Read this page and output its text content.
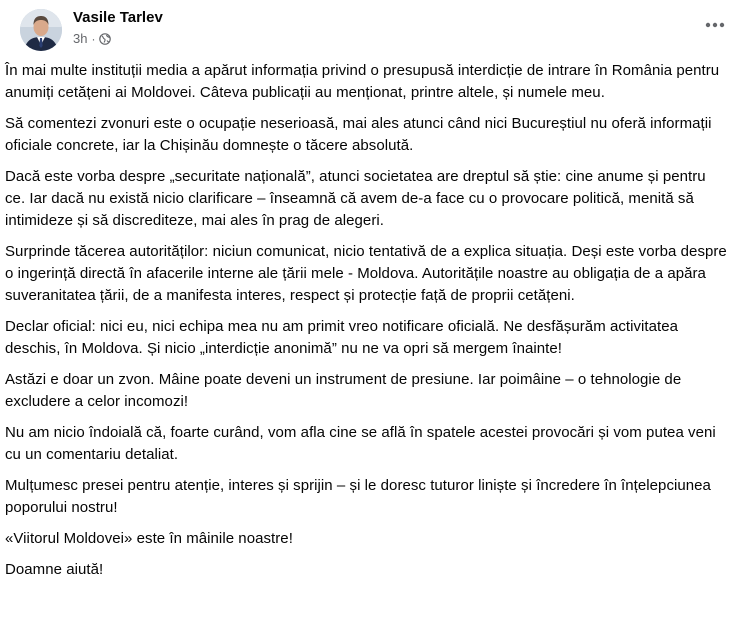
Vasile Tarlev
3h ·

În mai multe instituții media a apărut informația privind o presupusă interdicție de intrare în România pentru anumiți cetățeni ai Moldovei. Câteva publicații au menționat, printre altele, și numele meu.

Să comentezi zvonuri este o ocupație neserioasă, mai ales atunci când nici Bucureștiul nu oferă informații oficiale concrete, iar la Chișinău domnește o tăcere absolută.

Dacă este vorba despre „securitate națională”, atunci societatea are dreptul să știe: cine anume și pentru ce. Iar dacă nu există nicio clarificare – înseamnă că avem de-a face cu o provocare politică, menită să intimideze și să discrediteze, mai ales în prag de alegeri.

Surprinde tăcerea autorităților: niciun comunicat, nicio tentativă de a explica situația. Deși este vorba despre o ingerință directă în afacerile interne ale țării mele - Moldova. Autoritățile noastre au obligația de a apăra suveranitatea țării, de a manifesta interes, respect și protecție față de proprii cetățeni.

Declar oficial: nici eu, nici echipa mea nu am primit vreo notificare oficială. Ne desfășurăm activitatea deschis, în Moldova. Și nicio „interdicție anonimă” nu ne va opri să mergem înainte!

Astăzi e doar un zvon. Mâine poate deveni un instrument de presiune. Iar poimâine – o tehnologie de excludere a celor incomozi!

Nu am nicio îndoială că, foarte curând, vom afla cine se află în spatele acestei provocări și vom putea veni cu un comentariu detaliat.

Mulțumesc presei pentru atenție, interes și sprijin – și le doresc tuturor liniște și încredere în înțelepciunea poporului nostru!

«Viitorul Moldovei» este în mâinile noastre!

Doamne aiută!
